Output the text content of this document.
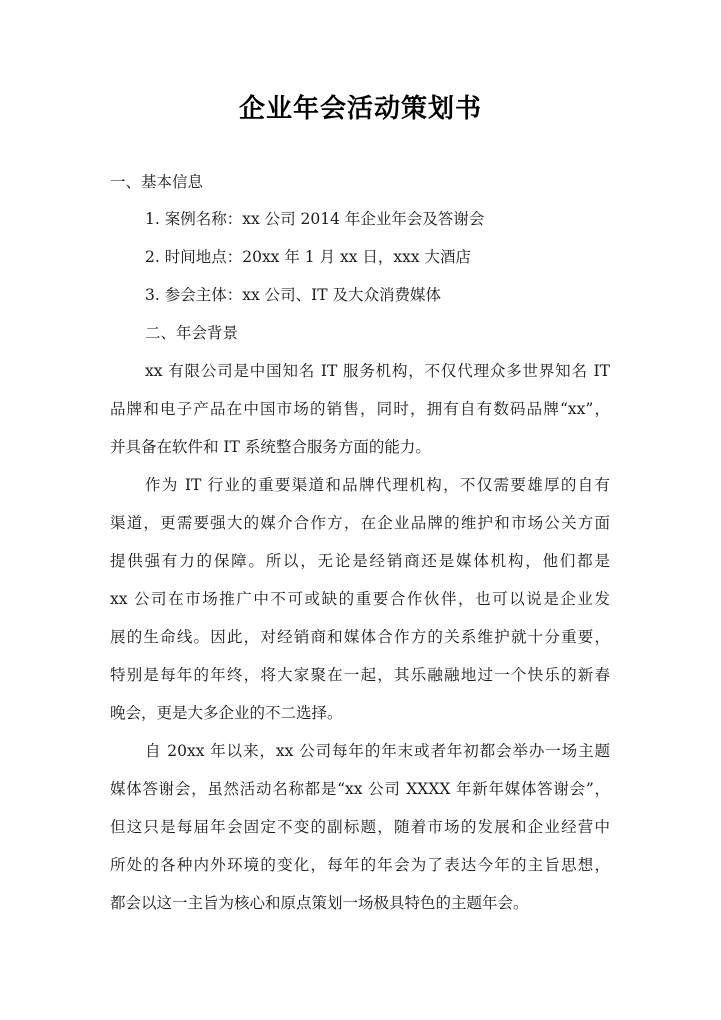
企业年会活动策划书
一、基本信息
1. 案例名称：xx 公司 2014 年企业年会及答谢会
2. 时间地点：20xx 年 1 月 xx 日，xxx 大酒店
3. 参会主体：xx 公司、IT 及大众消费媒体
二、年会背景
xx 有限公司是中国知名 IT 服务机构，不仅代理众多世界知名 IT
品牌和电子产品在中国市场的销售，同时，拥有自有数码品牌“xx”，
并具备在软件和 IT 系统整合服务方面的能力。
作为 IT 行业的重要渠道和品牌代理机构，不仅需要雄厚的自有
渠道，更需要强大的媒介合作方，在企业品牌的维护和市场公关方面
提供强有力的保障。所以，无论是经销商还是媒体机构，他们都是
xx 公司在市场推广中不可或缺的重要合作伙伴，也可以说是企业发
展的生命线。因此，对经销商和媒体合作方的关系维护就十分重要，
特别是每年的年终，将大家聚在一起，其乐融融地过一个快乐的新春
晚会，更是大多企业的不二选择。
自 20xx 年以来，xx 公司每年的年末或者年初都会举办一场主题
媒体答谢会，虽然活动名称都是“xx 公司 XXXX 年新年媒体答谢会”，
但这只是每届年会固定不变的副标题，随着市场的发展和企业经营中
所处的各种内外环境的变化，每年的年会为了表达今年的主旨思想，
都会以这一主旨为核心和原点策划一场极具特色的主题年会。
